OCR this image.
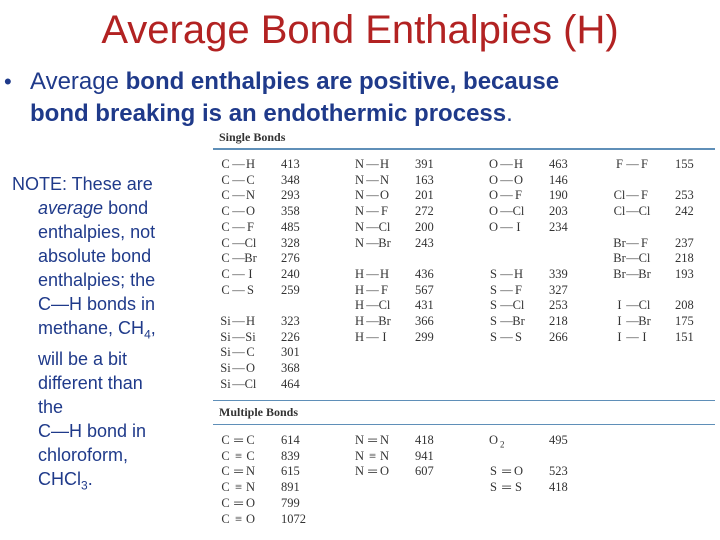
Average Bond Enthalpies (H)
• Average bond enthalpies are positive, because
bond breaking is an endothermic process.
NOTE: These are

average bond
enthalpies, not
absolute bond
enthalpies; the
C—H bonds in
methane, $CH_4$,
will be a bit
different than
the
C—H bond in
chloroform,
CHCl$_3$.
Single Bonds
Multiple Bonds
C — H 413
C — C 348
C — N 293
C — O 358
C — F 485
C —Cl 328
C —Br 276
C — I	240
C — S 259
Si — H 323
Si — Si 226
Si — C 301
Si — O 368
Si —Cl 464
N — H 391
N — N 163
N — O 201
N — F 272
N —Cl 200
N —Br 243
H — H 436
H — F 567
H —Cl 431
H —Br 366
H — I	299
O — H 463
O — O 146
O — F 190
O —Cl 203
O — I	234
S — H 339
S — F 327
S —Cl 253
S —Br 218
S — S 266
F — F 155
Cl— F 253
Cl—Cl 242
Br— F 237
Br—Cl 218
Br—Br 193
I —Cl 208
I —Br 175
I — I	151
C ═ C 614
C ≡ C 839
C ═ N 615
C ≡ N 891
C ═ O 799
C ≡ O 1072
N ═ N 418
N ≡ N 941
N ═ O 607
O $_2$	495
S ═ O 523
S ═ S 418
